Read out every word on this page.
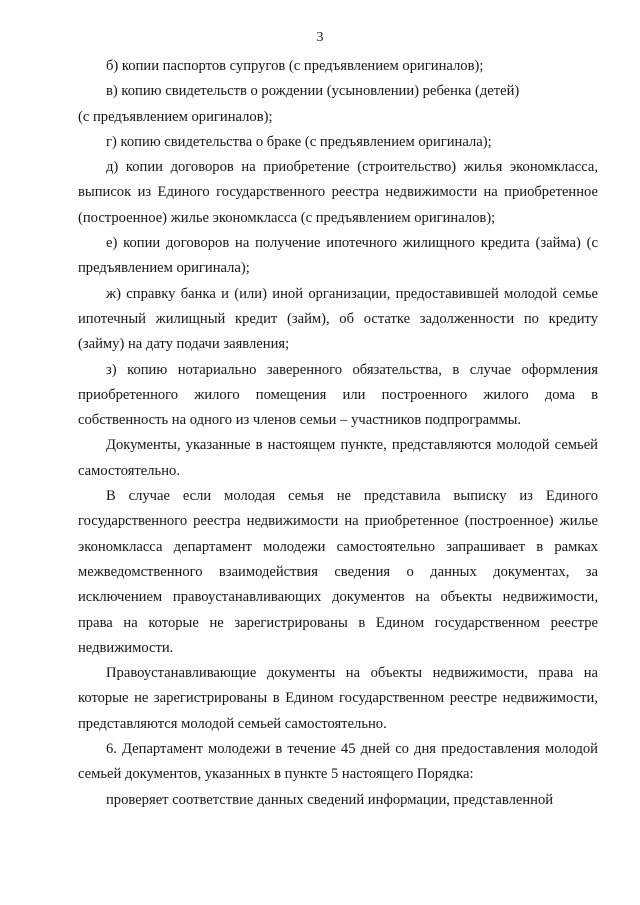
3

б) копии паспортов супругов (с предъявлением оригиналов);

в) копию свидетельств о рождении (усыновлении) ребенка (детей)

(с предъявлением оригиналов);

г) копию свидетельства о браке (с предъявлением оригинала);

д) копии договоров на приобретение (строительство) жилья экономкласса, выписок из Единого государственного реестра недвижимости на приобретенное (построенное) жилье экономкласса (с предъявлением оригиналов);

е) копии договоров на получение ипотечного жилищного кредита (займа) (с предъявлением оригинала);

ж) справку банка и (или) иной организации, предоставившей молодой семье ипотечный жилищный кредит (займ), об остатке задолженности по кредиту (займу) на дату подачи заявления;

з) копию нотариально заверенного обязательства, в случае оформления приобретенного жилого помещения или построенного жилого дома в собственность на одного из членов семьи – участников подпрограммы.

Документы, указанные в настоящем пункте, представляются молодой семьей самостоятельно.

В случае если молодая семья не представила выписку из Единого государственного реестра недвижимости на приобретенное (построенное) жилье экономкласса департамент молодежи самостоятельно запрашивает в рамках межведомственного взаимодействия сведения о данных документах, за исключением правоустанавливающих документов на объекты недвижимости, права на которые не зарегистрированы в Едином государственном реестре недвижимости.

Правоустанавливающие документы на объекты недвижимости, права на которые не зарегистрированы в Едином государственном реестре недвижимости, представляются молодой семьей самостоятельно.

6. Департамент молодежи в течение 45 дней со дня предоставления молодой семьей документов, указанных в пункте 5 настоящего Порядка:

проверяет соответствие данных сведений информации, представленной
